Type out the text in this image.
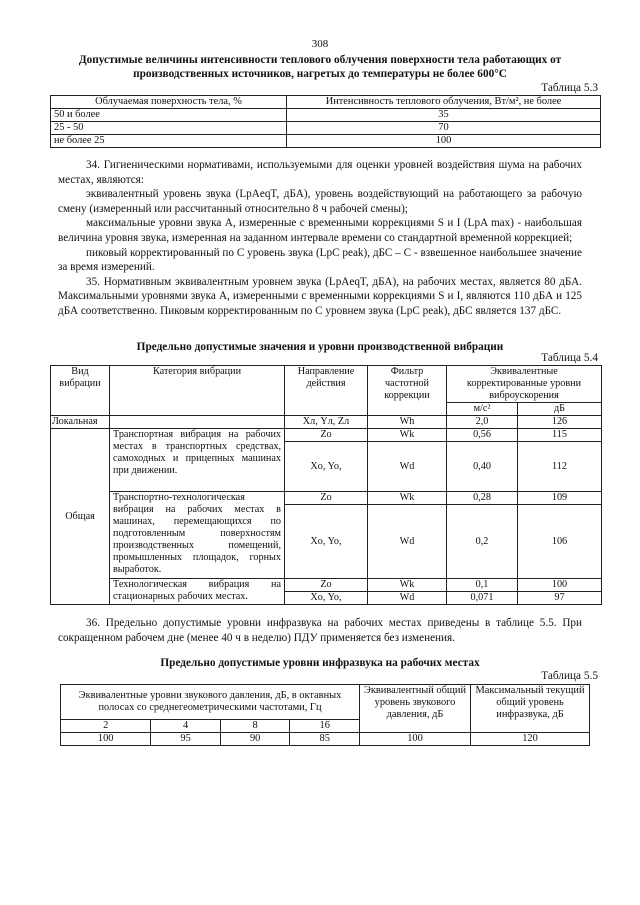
308
Допустимые величины интенсивности теплового облучения поверхности тела работающих от производственных источников, нагретых до температуры не более 600°С
Таблица 5.3
Облучаемая поверхность тела, %	Интенсивность теплового облучения, Вт/м², не более
50 и более	35
25 - 50	70
не более 25	100
34. Гигиеническими нормативами, используемыми для оценки уровней воздействия шума на рабочих местах, являются:
эквивалентный уровень звука (LpAeqT, дБА), уровень воздействующий на работающего за рабочую смену (измеренный или рассчитанный относительно 8 ч рабочей смены);
максимальные уровни звука А, измеренные с временными коррекциями S и I (LpA max) - наибольшая величина уровня звука, измеренная на заданном интервале времени со стандартной временной коррекцией;
пиковый корректированный по С уровень звука (LpC peak), дБС – С - взвешенное наибольшее значение за время измерений.
35. Нормативным эквивалентным уровнем звука (LpAeqT, дБА), на рабочих местах, является 80 дБА. Максимальными уровнями звука А, измеренными с временными коррекциями S и I, являются 110 дБА и 125 дБА соответственно. Пиковым корректированным по С уровнем звука (LpC peak), дБС является 137 дБС.
Предельно допустимые значения и уровни производственной вибрации
Таблица 5.4
Вид вибрации	Категория вибрации	Направление действия	Фильтр частотной коррекции	Эквивалентные корректированные уровни виброускорения	
				м/с²	дБ
Локальная		Хл, Yл, Zл	Wh	2,0	126
Общая	Транспортная вибрация на рабочих местах в транспортных средствах, самоходных и прицепных машинах при движении.	Zo	Wk	0,56	115
		Xo, Yo,	Wd	0,40	112
	Транспортно-технологическая вибрация на рабочих местах в машинах, перемещающихся по подготовленным поверхностям производственных помещений, промышленных площадок, горных выработок.	Zo	Wk	0,28	109
		Xo, Yo,	Wd	0,2	106
	Технологическая вибрация на стационарных рабочих местах.	Zo	Wk	0,1	100
		Xo, Yo,	Wd	0,071	97
36. Предельно допустимые уровни инфразвука на рабочих местах приведены в таблице 5.5. При сокращенном рабочем дне (менее 40 ч в неделю) ПДУ применяется без изменения.
Предельно допустимые уровни инфразвука на рабочих местах
Таблица 5.5
Эквивалентные уровни звукового давления, дБ, в октавных полосах со среднегеометрическими частотами, Гц				Эквивалентный общий уровень звукового давления, дБ	Максимальный текущий общий уровень инфразвука, дБ
2	4	8	16		
100	95	90	85	100	120
